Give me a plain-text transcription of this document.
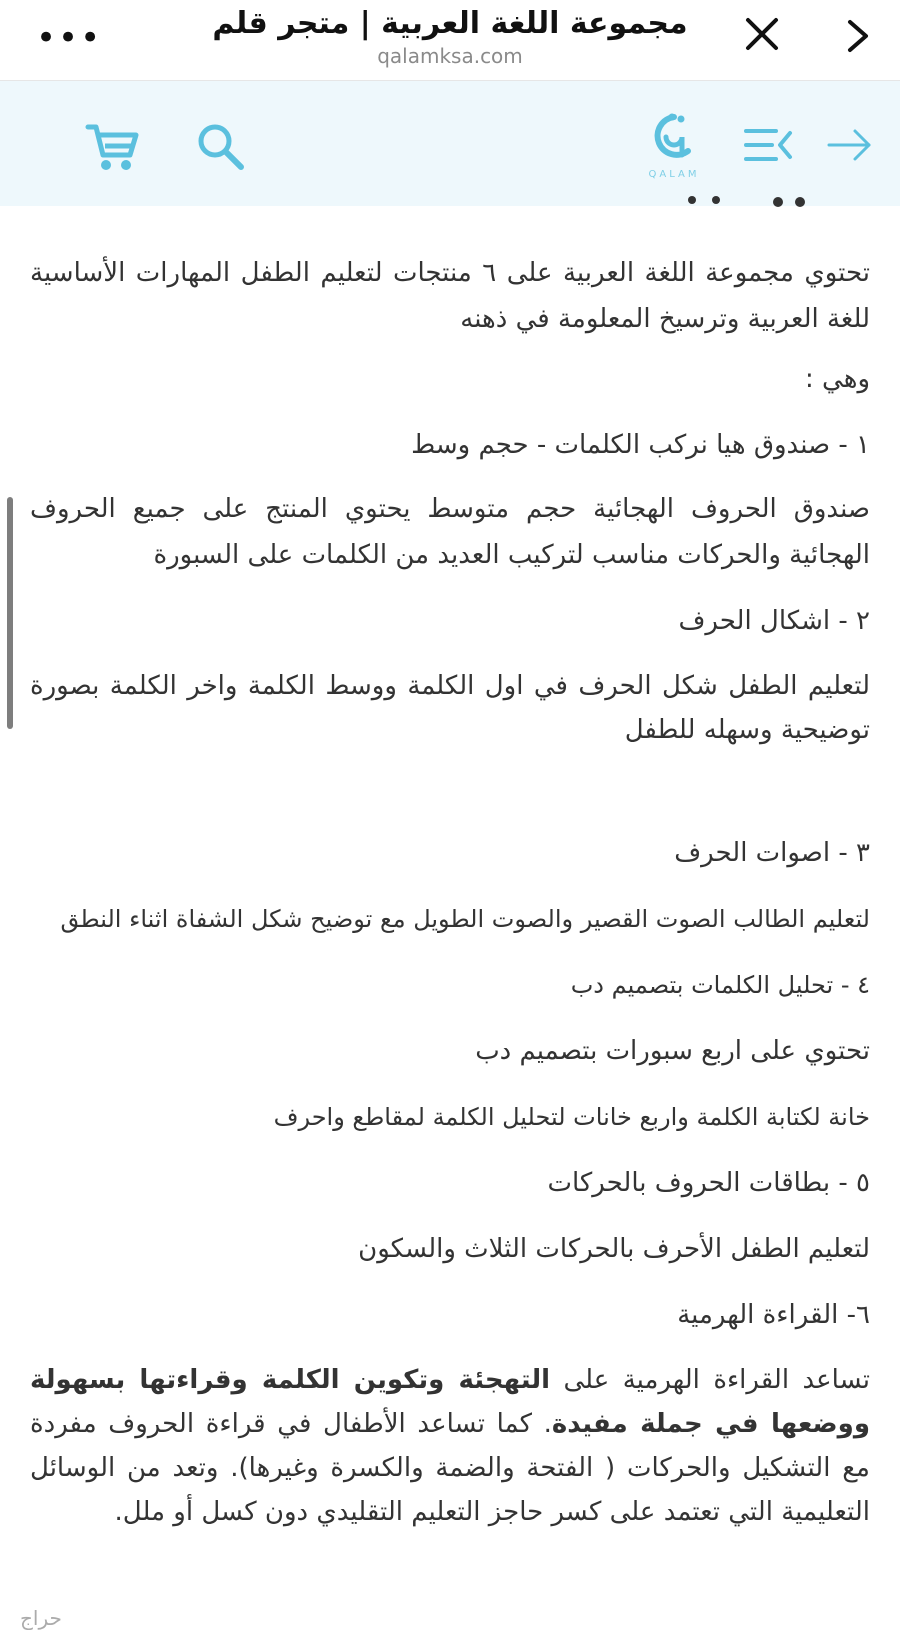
•••	مجموعة اللغة العربية | متجر قلم
qalamksa.com
QALAM

تحتوي مجموعة اللغة العربية على ٦ منتجات لتعليم الطفل المهارات الأساسية للغة العربية وترسيخ المعلومة في ذهنه

وهي :

١ - صندوق هيا نركب الكلمات - حجم وسط

صندوق الحروف الهجائية حجم متوسط يحتوي المنتج على جميع الحروف الهجائية والحركات مناسب لتركيب العديد من الكلمات على السبورة

٢ - اشكال الحرف

لتعليم الطفل شكل الحرف في اول الكلمة ووسط الكلمة واخر الكلمة بصورة توضيحية وسهله للطفل

٣ - اصوات الحرف

لتعليم الطالب الصوت القصير والصوت الطويل مع توضيح شكل الشفاة اثناء النطق

٤ - تحليل الكلمات بتصميم دب

تحتوي على اربع سبورات بتصميم دب

خانة لكتابة الكلمة واربع خانات لتحليل الكلمة لمقاطع واحرف

٥ - بطاقات الحروف بالحركات

لتعليم الطفل الأحرف بالحركات الثلاث والسكون

٦- القراءة الهرمية

تساعد القراءة الهرمية على التهجئة وتكوين الكلمة وقراءتها بسهولة ووضعها في جملة مفيدة. كما تساعد الأطفال في قراءة الحروف مفردة مع التشكيل والحركات ( الفتحة والضمة والكسرة وغيرها). وتعد من الوسائل التعليمية التي تعتمد على كسر حاجز التعليم التقليدي دون كسل أو ملل.

حراج
